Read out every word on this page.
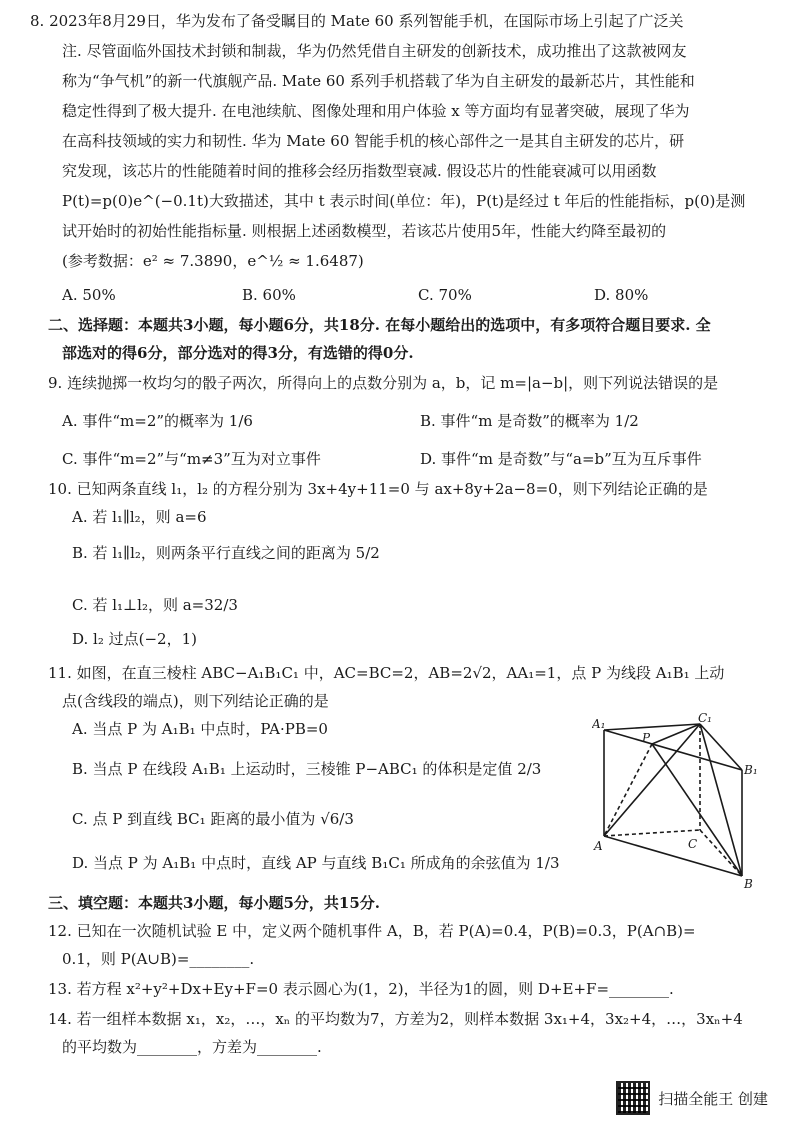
8. 2023年8月29日，华为发布了备受瞩目的 Mate 60 系列智能手机，在国际市场上引起了广泛关
注. 尽管面临外国技术封锁和制裁，华为仍然凭借自主研发的创新技术，成功推出了这款被网友
称为“争气机”的新一代旗舰产品. Mate 60 系列手机搭载了华为自主研发的最新芯片，其性能和
稳定性得到了极大提升. 在电池续航、图像处理和用户体验 x 等方面均有显著突破，展现了华为
在高科技领域的实力和韧性. 华为 Mate 60 智能手机的核心部件之一是其自主研发的芯片，研
究发现，该芯片的性能随着时间的推移会经历指数型衰减. 假设芯片的性能衰减可以用函数
P(t)=p(0)e^(−0.1t)大致描述，其中 t 表示时间(单位：年)，P(t)是经过 t 年后的性能指标，p(0)是测
试开始时的初始性能指标量. 则根据上述函数模型，若该芯片使用5年，性能大约降至最初的
(参考数据：e² ≈ 7.3890，e^½ ≈ 1.6487)
A. 50%	B. 60%	C. 70%	D. 80%
二、选择题：本题共3小题，每小题6分，共18分. 在每小题给出的选项中，有多项符合题目要求. 全
部选对的得6分，部分选对的得3分，有选错的得0分.
9. 连续抛掷一枚均匀的骰子两次，所得向上的点数分别为 a，b，记 m=|a−b|，则下列说法错误的是
A. 事件“m=2”的概率为 1/6	B. 事件“m 是奇数”的概率为 1/2
C. 事件“m=2”与“m≠3”互为对立事件	D. 事件“m 是奇数”与“a=b”互为互斥事件
10. 已知两条直线 l₁，l₂ 的方程分别为 3x+4y+11=0 与 ax+8y+2a−8=0，则下列结论正确的是
A. 若 l₁∥l₂，则 a=6
B. 若 l₁∥l₂，则两条平行直线之间的距离为 5/2
C. 若 l₁⊥l₂，则 a=32/3
D. l₂ 过点(−2，1)
11. 如图，在直三棱柱 ABC−A₁B₁C₁ 中，AC=BC=2，AB=2√2，AA₁=1，点 P 为线段 A₁B₁ 上动
点(含线段的端点)，则下列结论正确的是
A. 当点 P 为 A₁B₁ 中点时，PA·PB=0
B. 当点 P 在线段 A₁B₁ 上运动时，三棱锥 P−ABC₁ 的体积是定值 2/3
C. 点 P 到直线 BC₁ 距离的最小值为 √6/3
D. 当点 P 为 A₁B₁ 中点时，直线 AP 与直线 B₁C₁ 所成角的余弦值为 1/3
A₁	C₁
B₁
P
A	C
B
三、填空题：本题共3小题，每小题5分，共15分.
12. 已知在一次随机试验 E 中，定义两个随机事件 A，B，若 P(A)=0.4，P(B)=0.3，P(A∩B)=
0.1，则 P(A∪B)=________.
13. 若方程 x²+y²+Dx+Ey+F=0 表示圆心为(1，2)，半径为1的圆，则 D+E+F=________.
14. 若一组样本数据 x₁，x₂，…，xₙ 的平均数为7，方差为2，则样本数据 3x₁+4，3x₂+4，…，3xₙ+4
的平均数为________，方差为________.
扫描全能王 创建
